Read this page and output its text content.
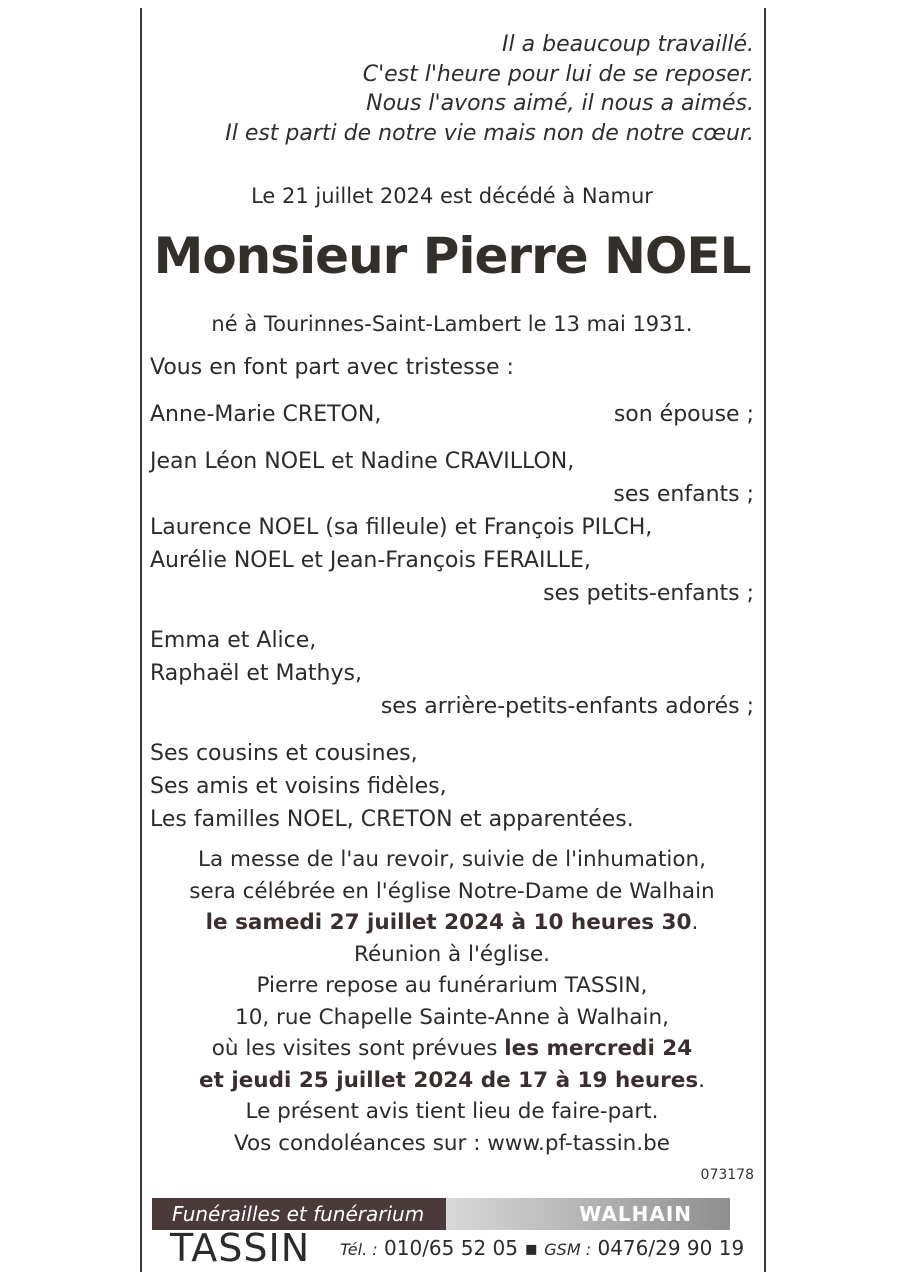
Il a beaucoup travaillé.
C'est l'heure pour lui de se reposer.
Nous l'avons aimé, il nous a aimés.
Il est parti de notre vie mais non de notre cœur.
Le 21 juillet 2024 est décédé à Namur
Monsieur Pierre NOEL
né à Tourinnes-Saint-Lambert le 13 mai 1931.
Vous en font part avec tristesse :
Anne-Marie CRETON,	son épouse ;
Jean Léon NOEL et Nadine CRAVILLON,
ses enfants ;
Laurence NOEL (sa filleule) et François PILCH,
Aurélie NOEL et Jean-François FERAILLE,
ses petits-enfants ;
Emma et Alice,
Raphaël et Mathys,
ses arrière-petits-enfants adorés ;
Ses cousins et cousines,
Ses amis et voisins fidèles,
Les familles NOEL, CRETON et apparentées.
La messe de l'au revoir, suivie de l'inhumation,
sera célébrée en l'église Notre-Dame de Walhain
le samedi 27 juillet 2024 à 10 heures 30.
Réunion à l'église.
Pierre repose au funérarium TASSIN,
10, rue Chapelle Sainte-Anne à Walhain,
où les visites sont prévues les mercredi 24
et jeudi 25 juillet 2024 de 17 à 19 heures.
Le présent avis tient lieu de faire-part.
Vos condoléances sur : www.pf-tassin.be
073178
Funérailles et funérarium	WALHAIN
TASSIN Tél. : 010/65 52 05 ▪ GSM : 0476/29 90 19
